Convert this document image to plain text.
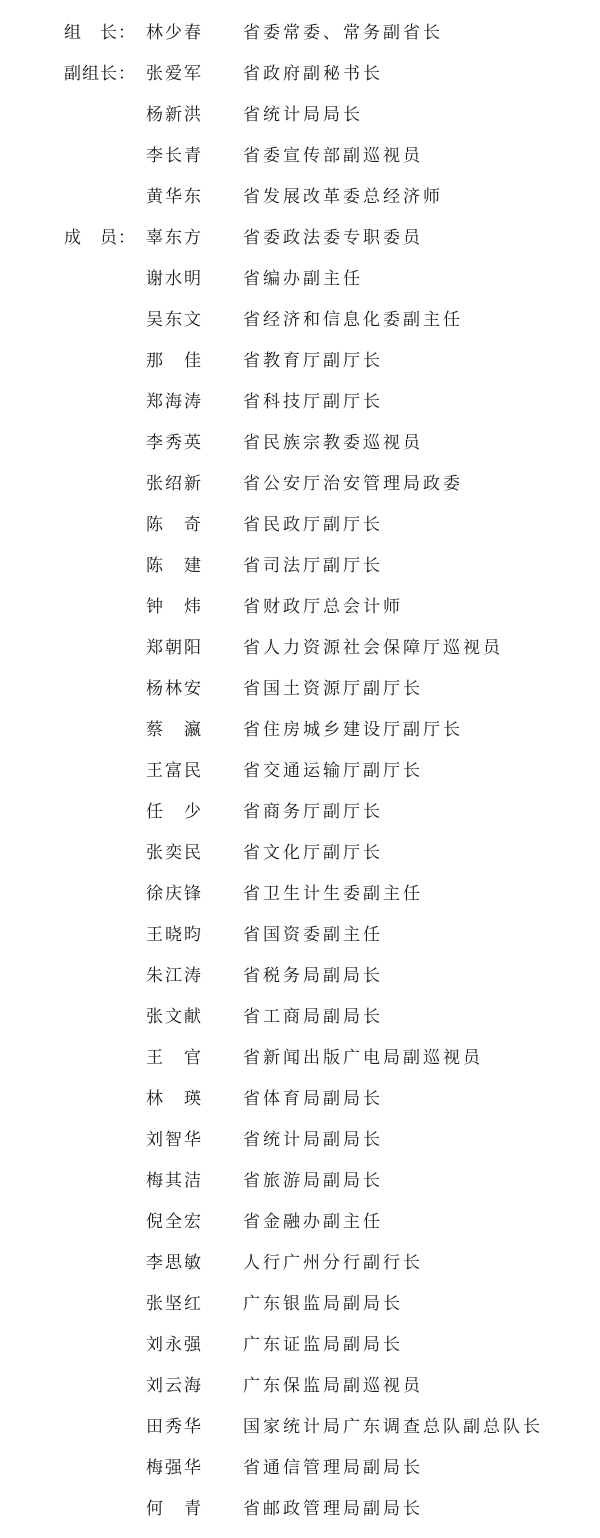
组　长： 林少春	省委常委、常务副省长
副组长： 张爱军	省政府副秘书长
杨新洪	省统计局局长
李长青	省委宣传部副巡视员
黄华东	省发展改革委总经济师
成　员： 辜东方	省委政法委专职委员
谢水明	省编办副主任
吴东文	省经济和信息化委副主任
那　佳	省教育厅副厅长
郑海涛	省科技厅副厅长
李秀英	省民族宗教委巡视员
张绍新	省公安厅治安管理局政委
陈　奇	省民政厅副厅长
陈　建	省司法厅副厅长
钟　炜	省财政厅总会计师
郑朝阳	省人力资源社会保障厅巡视员
杨林安	省国土资源厅副厅长
蔡　瀛	省住房城乡建设厅副厅长
王富民	省交通运输厅副厅长
任　少	省商务厅副厅长
张奕民	省文化厅副厅长
徐庆锋	省卫生计生委副主任
王晓昀	省国资委副主任
朱江涛	省税务局副局长
张文献	省工商局副局长
王　官	省新闻出版广电局副巡视员
林　瑛	省体育局副局长
刘智华	省统计局副局长
梅其洁	省旅游局副局长
倪全宏	省金融办副主任
李思敏	人行广州分行副行长
张坚红	广东银监局副局长
刘永强	广东证监局副局长
刘云海	广东保监局副巡视员
田秀华	国家统计局广东调查总队副总队长
梅强华	省通信管理局副局长
何　青	省邮政管理局副局长
